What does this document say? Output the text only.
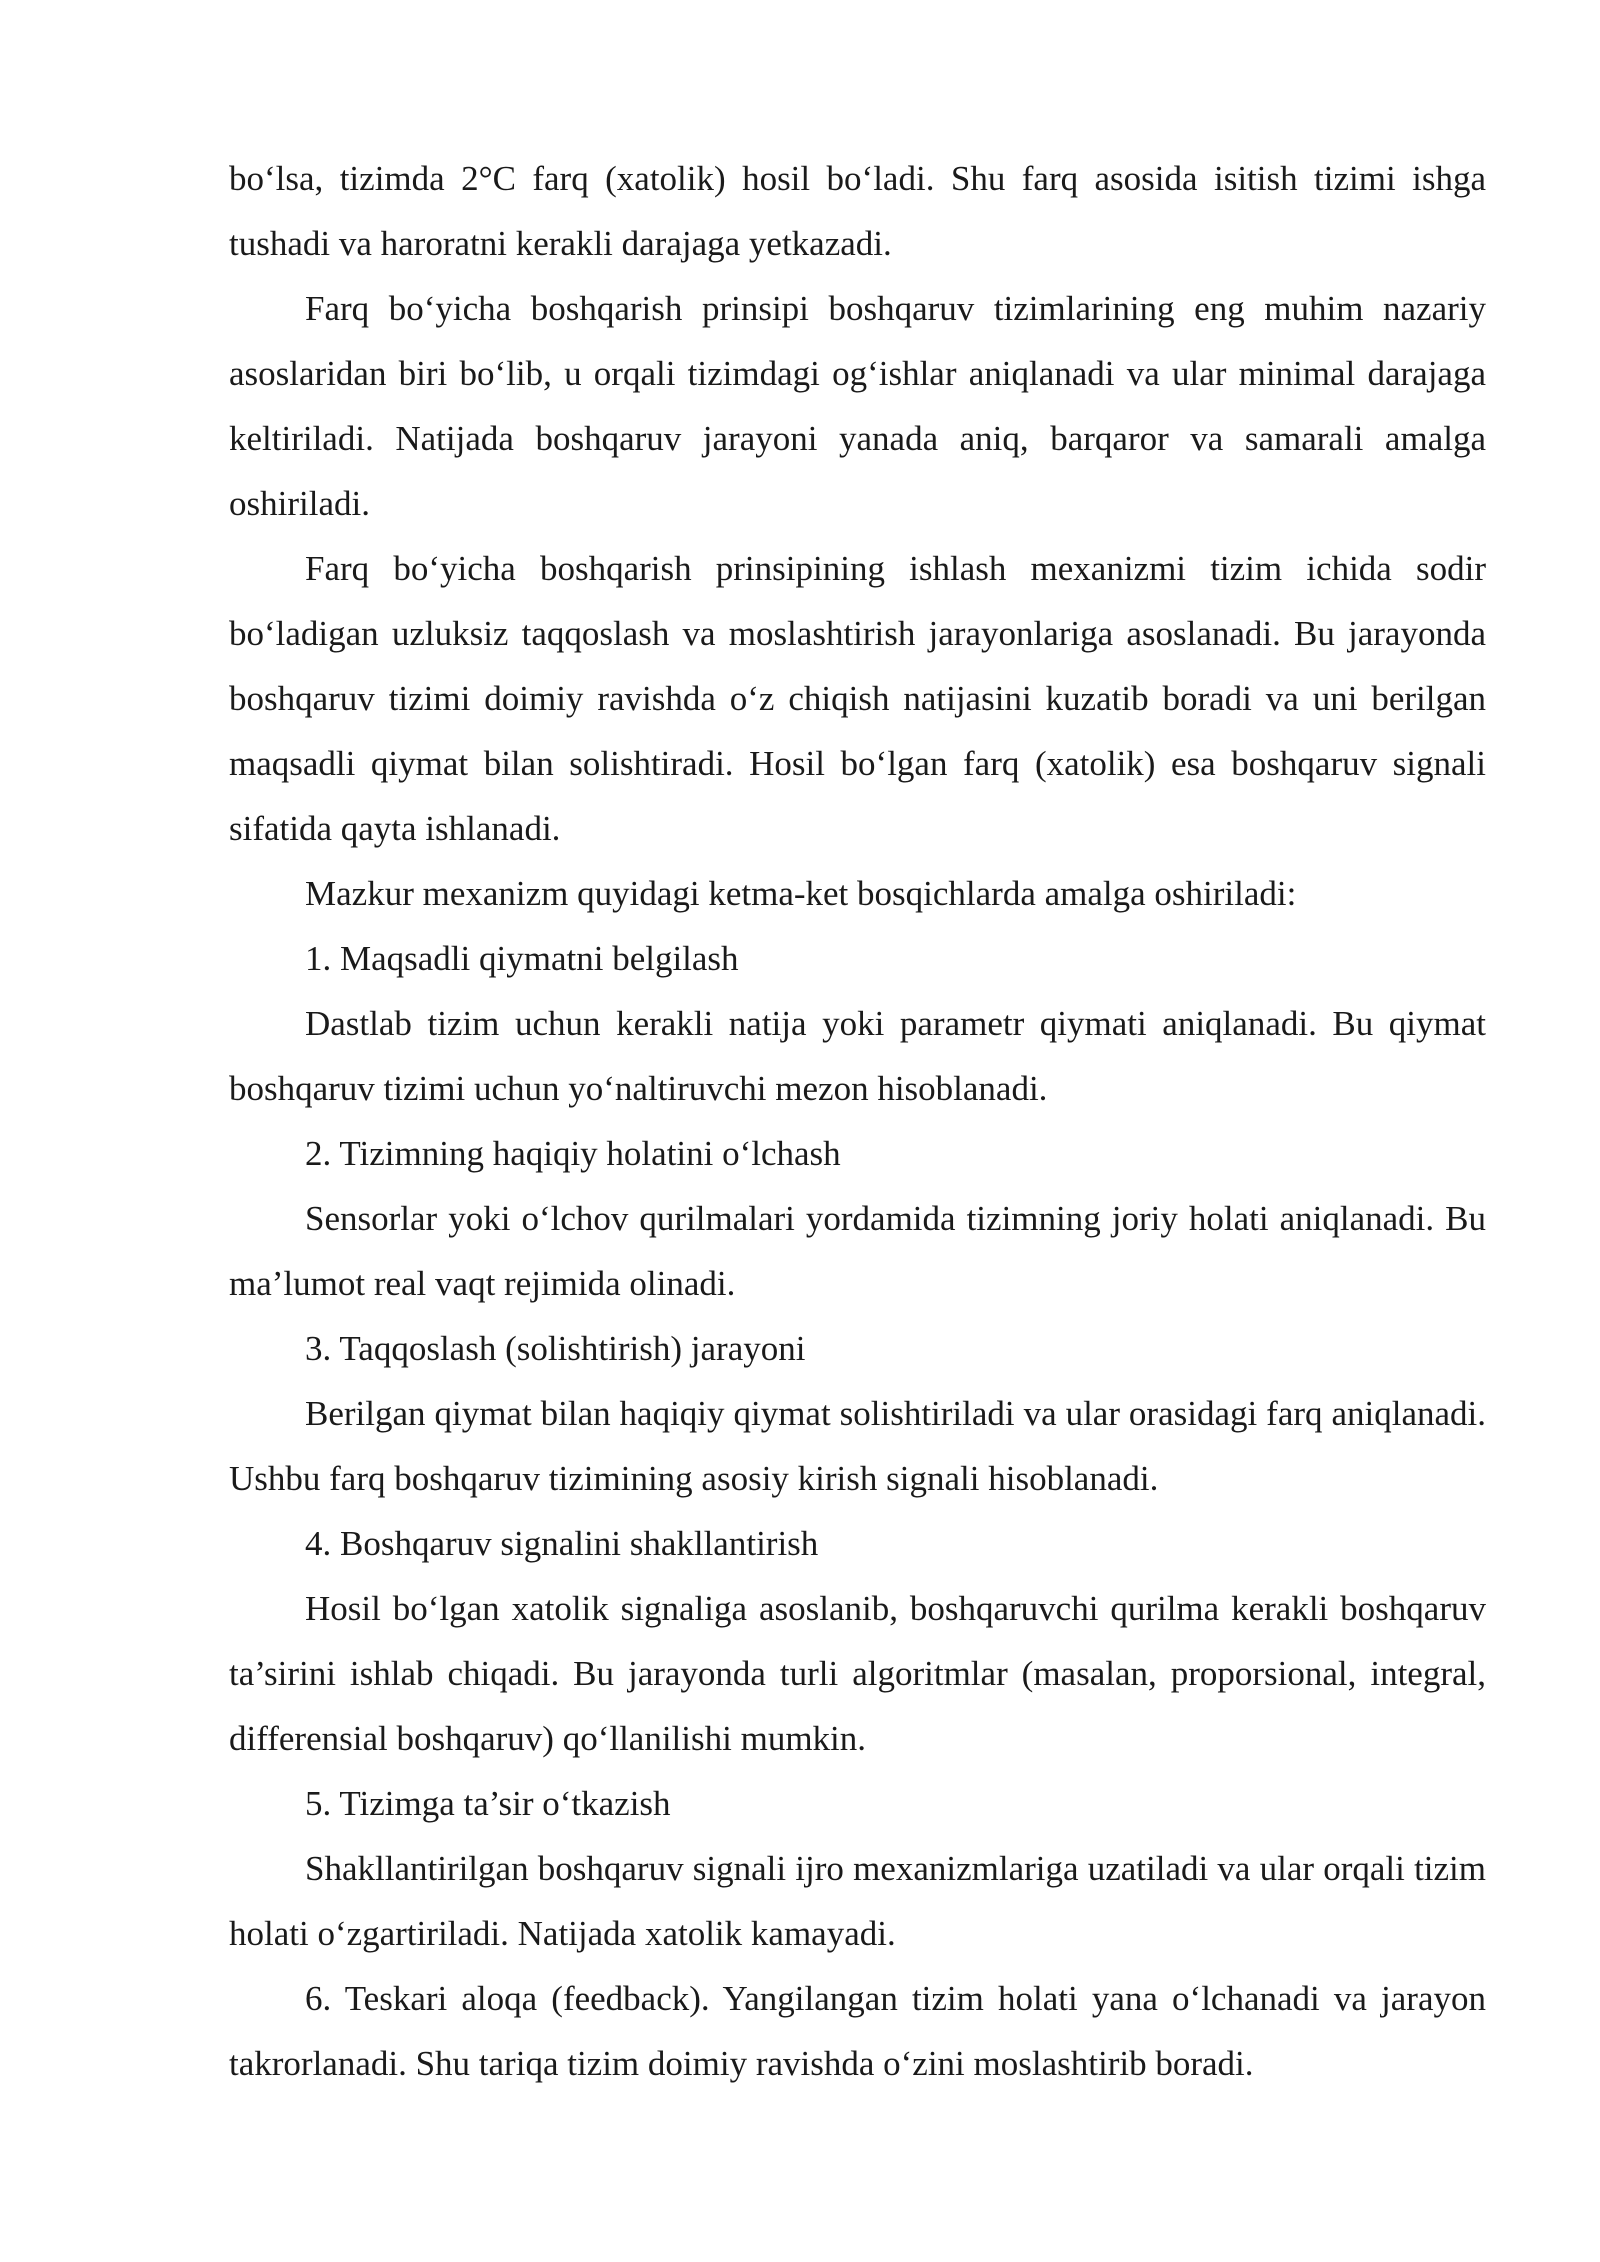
bo‘lsa, tizimda 2°C farq (xatolik) hosil bo‘ladi. Shu farq asosida isitish tizimi ishga tushadi va haroratni kerakli darajaga yetkazadi.

Farq bo‘yicha boshqarish prinsipi boshqaruv tizimlarining eng muhim nazariy asoslaridan biri bo‘lib, u orqali tizimdagi og‘ishlar aniqlanadi va ular minimal darajaga keltiriladi. Natijada boshqaruv jarayoni yanada aniq, barqaror va samarali amalga oshiriladi.

Farq bo‘yicha boshqarish prinsipining ishlash mexanizmi tizim ichida sodir bo‘ladigan uzluksiz taqqoslash va moslashtirish jarayonlariga asoslanadi. Bu jarayonda boshqaruv tizimi doimiy ravishda o‘z chiqish natijasini kuzatib boradi va uni berilgan maqsadli qiymat bilan solishtiradi. Hosil bo‘lgan farq (xatolik) esa boshqaruv signali sifatida qayta ishlanadi.

Mazkur mexanizm quyidagi ketma-ket bosqichlarda amalga oshiriladi:

1. Maqsadli qiymatni belgilash

Dastlab tizim uchun kerakli natija yoki parametr qiymati aniqlanadi. Bu qiymat boshqaruv tizimi uchun yo‘naltiruvchi mezon hisoblanadi.

2. Tizimning haqiqiy holatini o‘lchash

Sensorlar yoki o‘lchov qurilmalari yordamida tizimning joriy holati aniqlanadi. Bu ma’lumot real vaqt rejimida olinadi.

3. Taqqoslash (solishtirish) jarayoni

Berilgan qiymat bilan haqiqiy qiymat solishtiriladi va ular orasidagi farq aniqlanadi. Ushbu farq boshqaruv tizimining asosiy kirish signali hisoblanadi.

4. Boshqaruv signalini shakllantirish

Hosil bo‘lgan xatolik signaliga asoslanib, boshqaruvchi qurilma kerakli boshqaruv ta’sirini ishlab chiqadi. Bu jarayonda turli algoritmlar (masalan, proporsional, integral, differensial boshqaruv) qo‘llanilishi mumkin.

5. Tizimga ta’sir o‘tkazish

Shakllantirilgan boshqaruv signali ijro mexanizmlariga uzatiladi va ular orqali tizim holati o‘zgartiriladi. Natijada xatolik kamayadi.

6. Teskari aloqa (feedback). Yangilangan tizim holati yana o‘lchanadi va jarayon takrorlanadi. Shu tariqa tizim doimiy ravishda o‘zini moslashtirib boradi.
